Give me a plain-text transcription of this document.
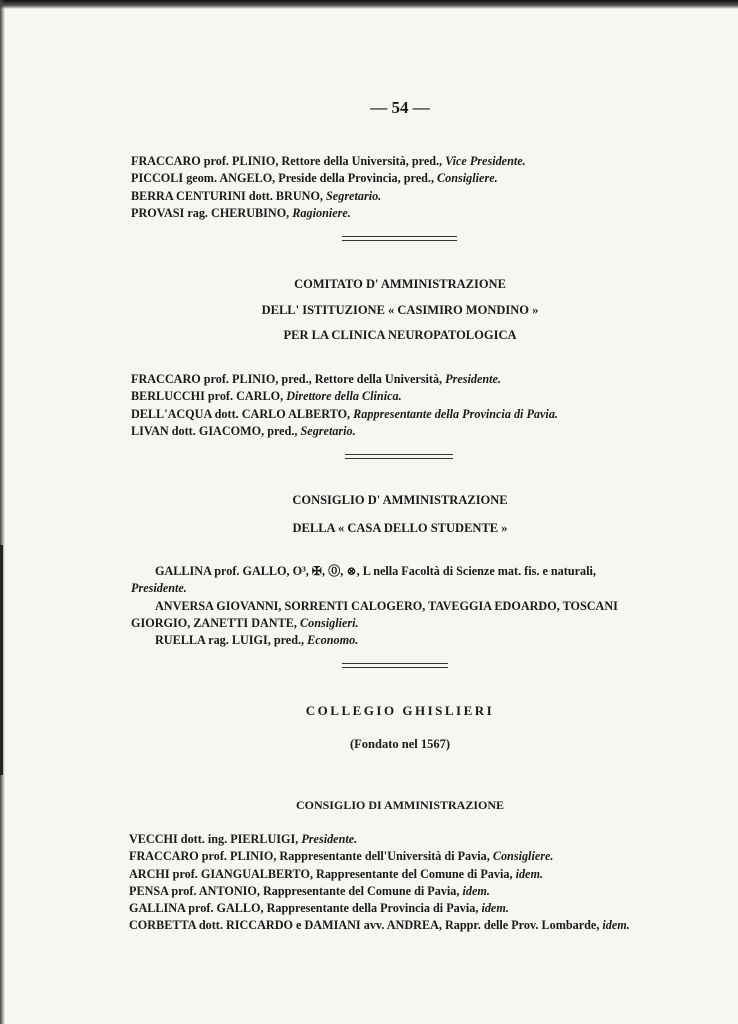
— 54 —
FRACCARO prof. PLINIO, Rettore della Università, pred., Vice Presidente.
PICCOLI geom. ANGELO, Preside della Provincia, pred., Consigliere.
BERRA CENTURINI dott. BRUNO, Segretario.
PROVASI rag. CHERUBINO, Ragioniere.
COMITATO D' AMMINISTRAZIONE
DELL' ISTITUZIONE « CASIMIRO MONDINO »
PER LA CLINICA NEUROPATOLOGICA
FRACCARO prof. PLINIO, pred., Rettore della Università, Presidente.
BERLUCCHI prof. CARLO, Direttore della Clinica.
DELL'ACQUA dott. CARLO ALBERTO, Rappresentante della Provincia di Pavia.
LIVAN dott. GIACOMO, pred., Segretario.
CONSIGLIO D' AMMINISTRAZIONE
DELLA « CASA DELLO STUDENTE »
GALLINA prof. GALLO, O³, ✠, ⓪, ⊗, L nella Facoltà di Scienze mat. fis. e naturali,
Presidente.
ANVERSA GIOVANNI, SORRENTI CALOGERO, TAVEGGIA EDOARDO, TOSCANI
GIORGIO, ZANETTI DANTE, Consiglieri.
RUELLA rag. LUIGI, pred., Economo.
COLLEGIO GHISLIERI
(Fondato nel 1567)
CONSIGLIO DI AMMINISTRAZIONE
VECCHI dott. ing. PIERLUIGI, Presidente.
FRACCARO prof. PLINIO, Rappresentante dell'Università di Pavia, Consigliere.
ARCHI prof. GIANGUALBERTO, Rappresentante del Comune di Pavia, idem.
PENSA prof. ANTONIO, Rappresentante del Comune di Pavia, idem.
GALLINA prof. GALLO, Rappresentante della Provincia di Pavia, idem.
CORBETTA dott. RICCARDO e DAMIANI avv. ANDREA, Rappr. delle Prov. Lombarde, idem.
